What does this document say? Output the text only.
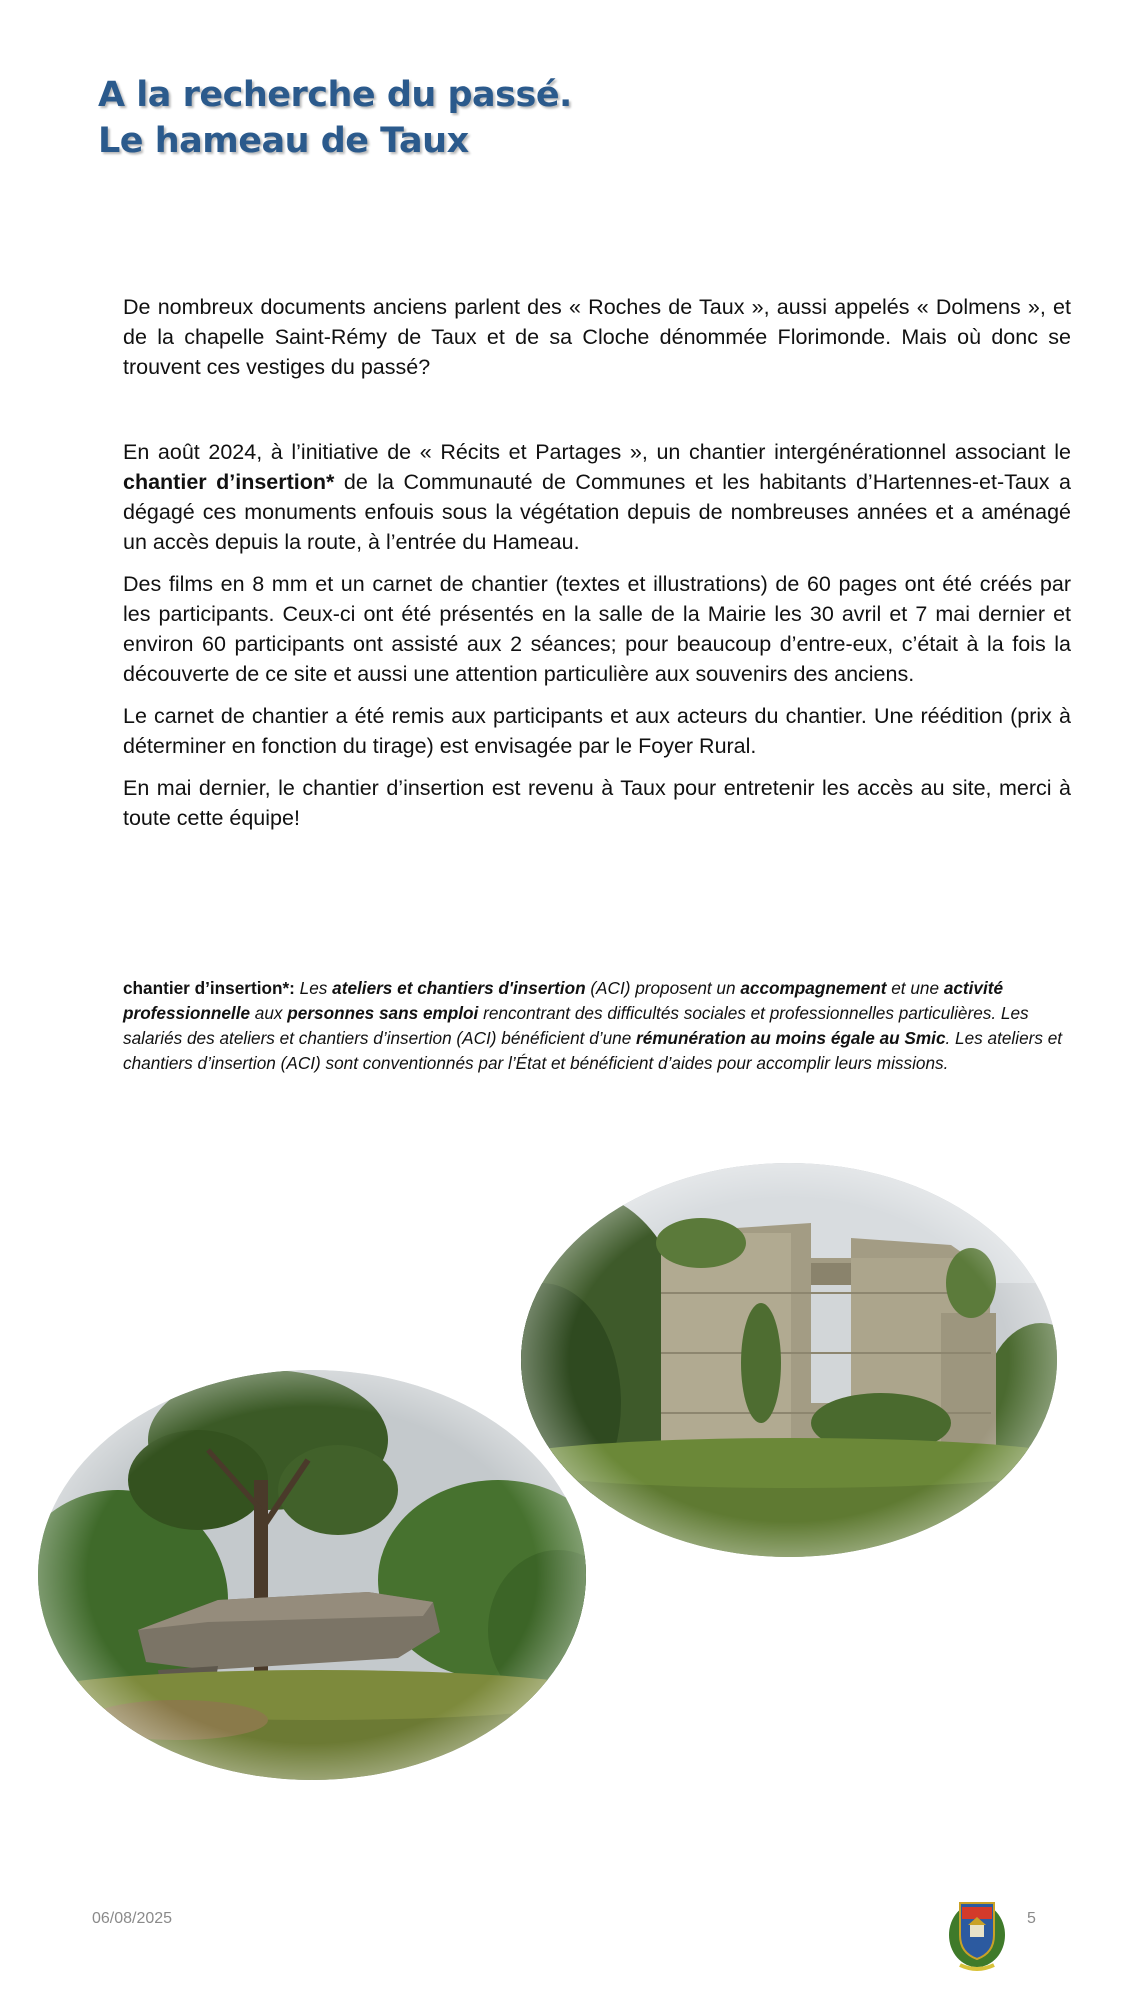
A la recherche du passé.
Le hameau de Taux

De nombreux documents anciens parlent des « Roches de Taux », aussi appelés « Dolmens », et de la chapelle Saint-Rémy de Taux et de sa Cloche dénommée Florimonde. Mais où donc se trouvent ces vestiges du passé?

En août 2024, à l’initiative de « Récits et Partages », un chantier intergénérationnel associant le chantier d’insertion* de la Communauté de Communes et les habitants d’Hartennes-et-Taux a dégagé ces monuments enfouis sous la végétation depuis de nombreuses années et a aménagé un accès depuis la route, à l’entrée du Hameau.

Des films en 8 mm et un carnet de chantier (textes et illustrations) de 60 pages ont été créés par les participants. Ceux-ci ont été présentés en la salle de la Mairie les 30 avril et 7 mai dernier et environ 60 participants ont assisté aux 2 séances; pour beaucoup d’entre-eux, c’était à la fois la découverte de ce site et aussi une attention particulière aux souvenirs des anciens.

Le carnet de chantier a été remis aux participants et aux acteurs du chantier. Une réédition (prix à déterminer en fonction du tirage) est envisagée par le Foyer Rural.

En mai dernier, le chantier d’insertion est revenu à Taux pour entretenir les accès au site, merci à toute cette équipe!

chantier d’insertion*: Les ateliers et chantiers d'insertion (ACI) proposent un accompagnement et une activité professionnelle aux personnes sans emploi rencontrant des difficultés sociales et professionnelles particulières. Les salariés des ateliers et chantiers d’insertion (ACI) bénéficient d’une rémunération au moins égale au Smic. Les ateliers et chantiers d’insertion (ACI) sont conventionnés par l’État et bénéficient d’aides pour accomplir leurs missions.
06/08/2025	5
